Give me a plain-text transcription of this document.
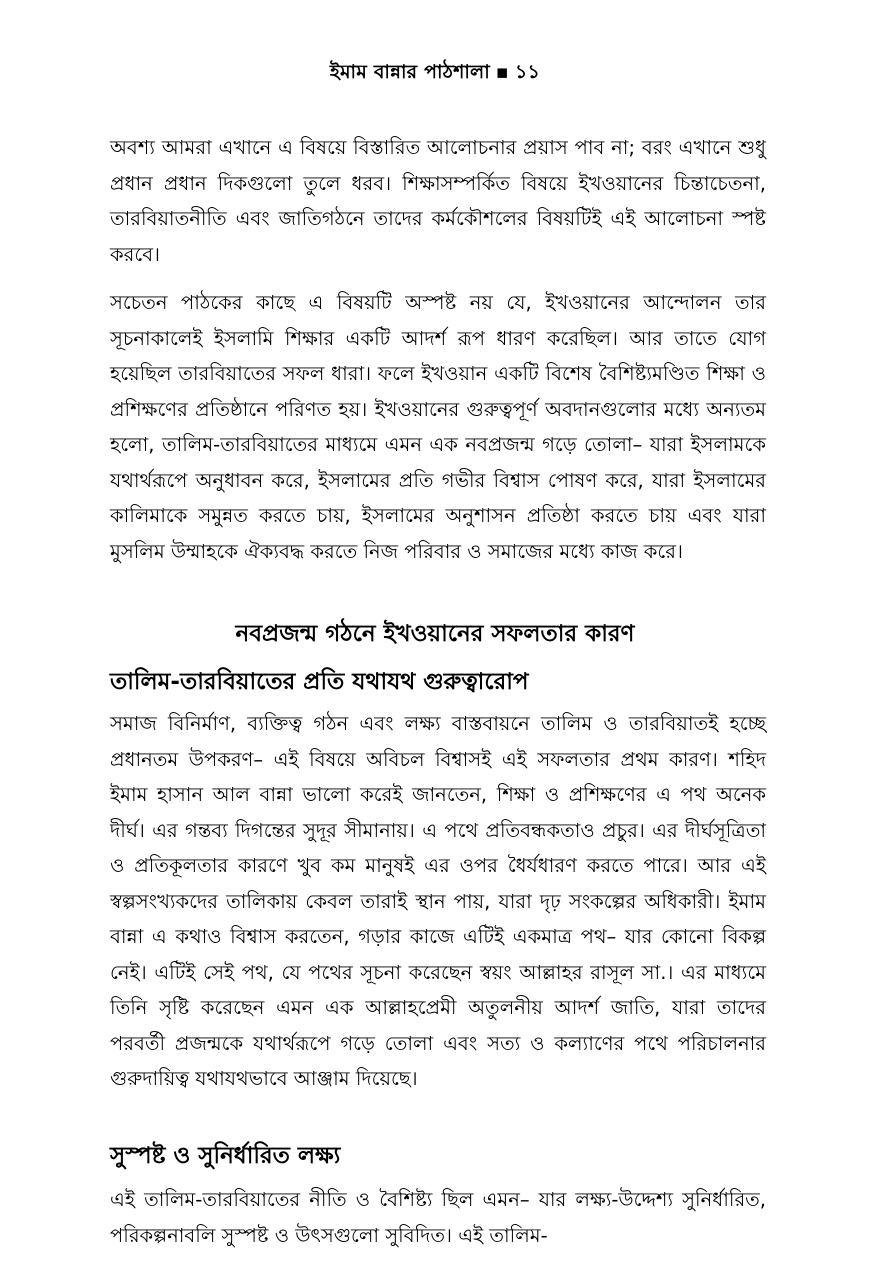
ইমাম বান্নার পাঠশালা ▪ ১১

অবশ্য আমরা এখানে এ বিষয়ে বিস্তারিত আলোচনার প্রয়াস পাব না; বরং এখানে শুধু প্রধান প্রধান দিকগুলো তুলে ধরব। শিক্ষাসম্পর্কিত বিষয়ে ইখওয়ানের চিন্তাচেতনা, তারবিয়াতনীতি এবং জাতিগঠনে তাদের কর্মকৌশলের বিষয়টিই এই আলোচনা স্পষ্ট করবে।

সচেতন পাঠকের কাছে এ বিষয়টি অস্পষ্ট নয় যে, ইখওয়ানের আন্দোলন তার সূচনাকালেই ইসলামি শিক্ষার একটি আদর্শ রূপ ধারণ করেছিল। আর তাতে যোগ হয়েছিল তারবিয়াতের সফল ধারা। ফলে ইখওয়ান একটি বিশেষ বৈশিষ্ট্যমণ্ডিত শিক্ষা ও প্রশিক্ষণের প্রতিষ্ঠানে পরিণত হয়। ইখওয়ানের গুরুত্বপূর্ণ অবদানগুলোর মধ্যে অন্যতম হলো, তালিম-তারবিয়াতের মাধ্যমে এমন এক নবপ্রজন্ম গড়ে তোলা– যারা ইসলামকে যথার্থরূপে অনুধাবন করে, ইসলামের প্রতি গভীর বিশ্বাস পোষণ করে, যারা ইসলামের কালিমাকে সমুন্নত করতে চায়, ইসলামের অনুশাসন প্রতিষ্ঠা করতে চায় এবং যারা মুসলিম উম্মাহকে ঐক্যবদ্ধ করতে নিজ পরিবার ও সমাজের মধ্যে কাজ করে।

নবপ্রজন্ম গঠনে ইখওয়ানের সফলতার কারণ
তালিম-তারবিয়াতের প্রতি যথাযথ গুরুত্বারোপ

সমাজ বিনির্মাণ, ব্যক্তিত্ব গঠন এবং লক্ষ্য বাস্তবায়নে তালিম ও তারবিয়াতই হচ্ছে প্রধানতম উপকরণ– এই বিষয়ে অবিচল বিশ্বাসই এই সফলতার প্রথম কারণ। শহিদ ইমাম হাসান আল বান্না ভালো করেই জানতেন, শিক্ষা ও প্রশিক্ষণের এ পথ অনেক দীর্ঘ। এর গন্তব্য দিগন্তের সুদূর সীমানায়। এ পথে প্রতিবন্ধকতাও প্রচুর। এর দীর্ঘসূত্রিতা ও প্রতিকূলতার কারণে খুব কম মানুষই এর ওপর ধৈর্যধারণ করতে পারে। আর এই স্বল্পসংখ্যকদের তালিকায় কেবল তারাই স্থান পায়, যারা দৃঢ় সংকল্পের অধিকারী। ইমাম বান্না এ কথাও বিশ্বাস করতেন, গড়ার কাজে এটিই একমাত্র পথ– যার কোনো বিকল্প নেই। এটিই সেই পথ, যে পথের সূচনা করেছেন স্বয়ং আল্লাহর রাসূল সা.। এর মাধ্যমে তিনি সৃষ্টি করেছেন এমন এক আল্লাহপ্রেমী অতুলনীয় আদর্শ জাতি, যারা তাদের পরবর্তী প্রজন্মকে যথার্থরূপে গড়ে তোলা এবং সত্য ও কল্যাণের পথে পরিচালনার গুরুদায়িত্ব যথাযথভাবে আঞ্জাম দিয়েছে।

সুস্পষ্ট ও সুনির্ধারিত লক্ষ্য

এই তালিম-তারবিয়াতের নীতি ও বৈশিষ্ট্য ছিল এমন– যার লক্ষ্য-উদ্দেশ্য সুনির্ধারিত, পরিকল্পনাবলি সুস্পষ্ট ও উৎসগুলো সুবিদিত। এই তালিম-
